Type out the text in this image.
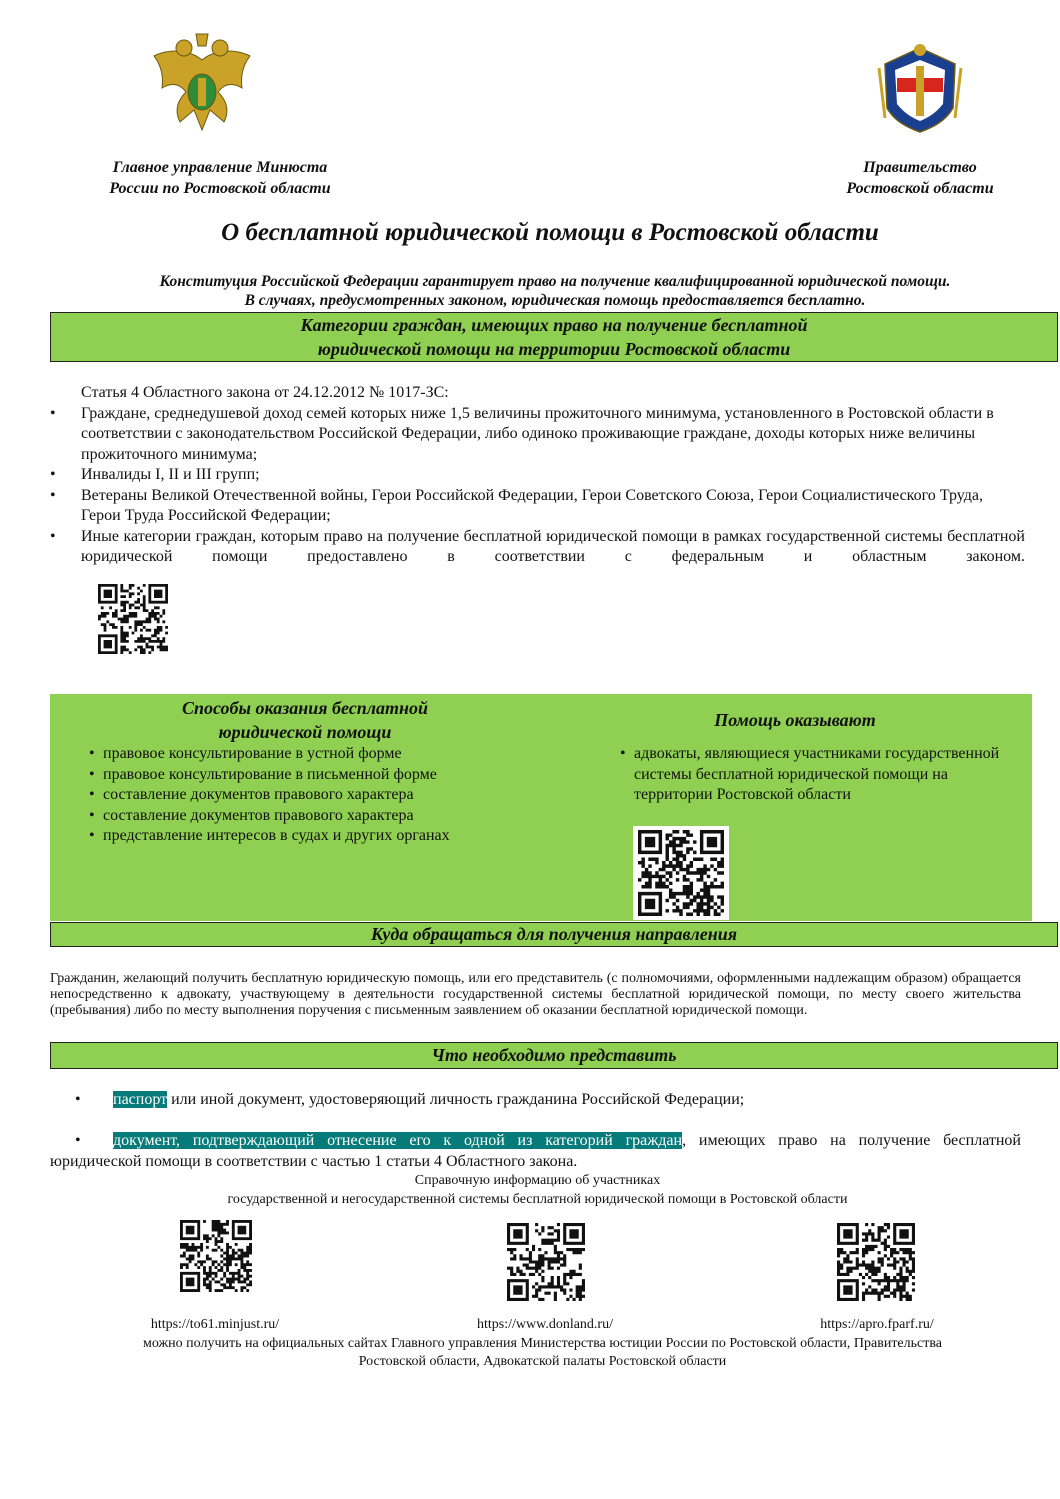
Главное управление Минюста
России по Ростовской области
Правительство
Ростовской области
О бесплатной юридической помощи в Ростовской области
Конституция Российской Федерации гарантирует право на получение квалифицированной юридической помощи.
В случаях, предусмотренных законом, юридическая помощь предоставляется бесплатно.
Категории граждан, имеющих право на получение бесплатной
юридической помощи на территории Ростовской области
Статья 4 Областного закона от 24.12.2012 № 1017-ЗС:
• Граждане, среднедушевой доход семей которых ниже 1,5 величины прожиточного минимума, установленного в Ростовской области в соответствии с законодательством Российской Федерации, либо одиноко проживающие граждане, доходы которых ниже величины прожиточного минимума;
• Инвалиды I, II и III групп;
• Ветераны Великой Отечественной войны, Герои Российской Федерации, Герои Советского Союза, Герои Социалистического Труда, Герои Труда Российской Федерации;
• Иные категории граждан, которым право на получение бесплатной юридической помощи в рамках государственной системы бесплатной юридической помощи предоставлено в соответствии с федеральным и областным законом.
Способы оказания бесплатной
юридической помощи
• правовое консультирование в устной форме
• правовое консультирование в письменной форме
• составление документов правового характера
• составление документов правового характера
• представление интересов в судах и других органах
Помощь оказывают
• адвокаты, являющиеся участниками государственной системы бесплатной юридической помощи на территории Ростовской области
Куда обращаться для получения направления
Гражданин, желающий получить бесплатную юридическую помощь, или его представитель (с полномочиями, оформленными надлежащим образом) обращается непосредственно к адвокату, участвующему в деятельности государственной системы бесплатной юридической помощи, по месту своего жительства (пребывания) либо по месту выполнения поручения с письменным заявлением об оказании бесплатной юридической помощи.
Что необходимо представить
• паспорт или иной документ, удостоверяющий личность гражданина Российской Федерации;
• документ, подтверждающий отнесение его к одной из категорий граждан, имеющих право на получение бесплатной
юридической помощи в соответствии с частью 1 статьи 4 Областного закона.
Справочную информацию об участниках
государственной и негосударственной системы бесплатной юридической помощи в Ростовской области
https://to61.minjust.ru/	https://www.donland.ru/	https://apro.fparf.ru/
можно получить на официальных сайтах Главного управления Министерства юстиции России по Ростовской области, Правительства
Ростовской области, Адвокатской палаты Ростовской области
